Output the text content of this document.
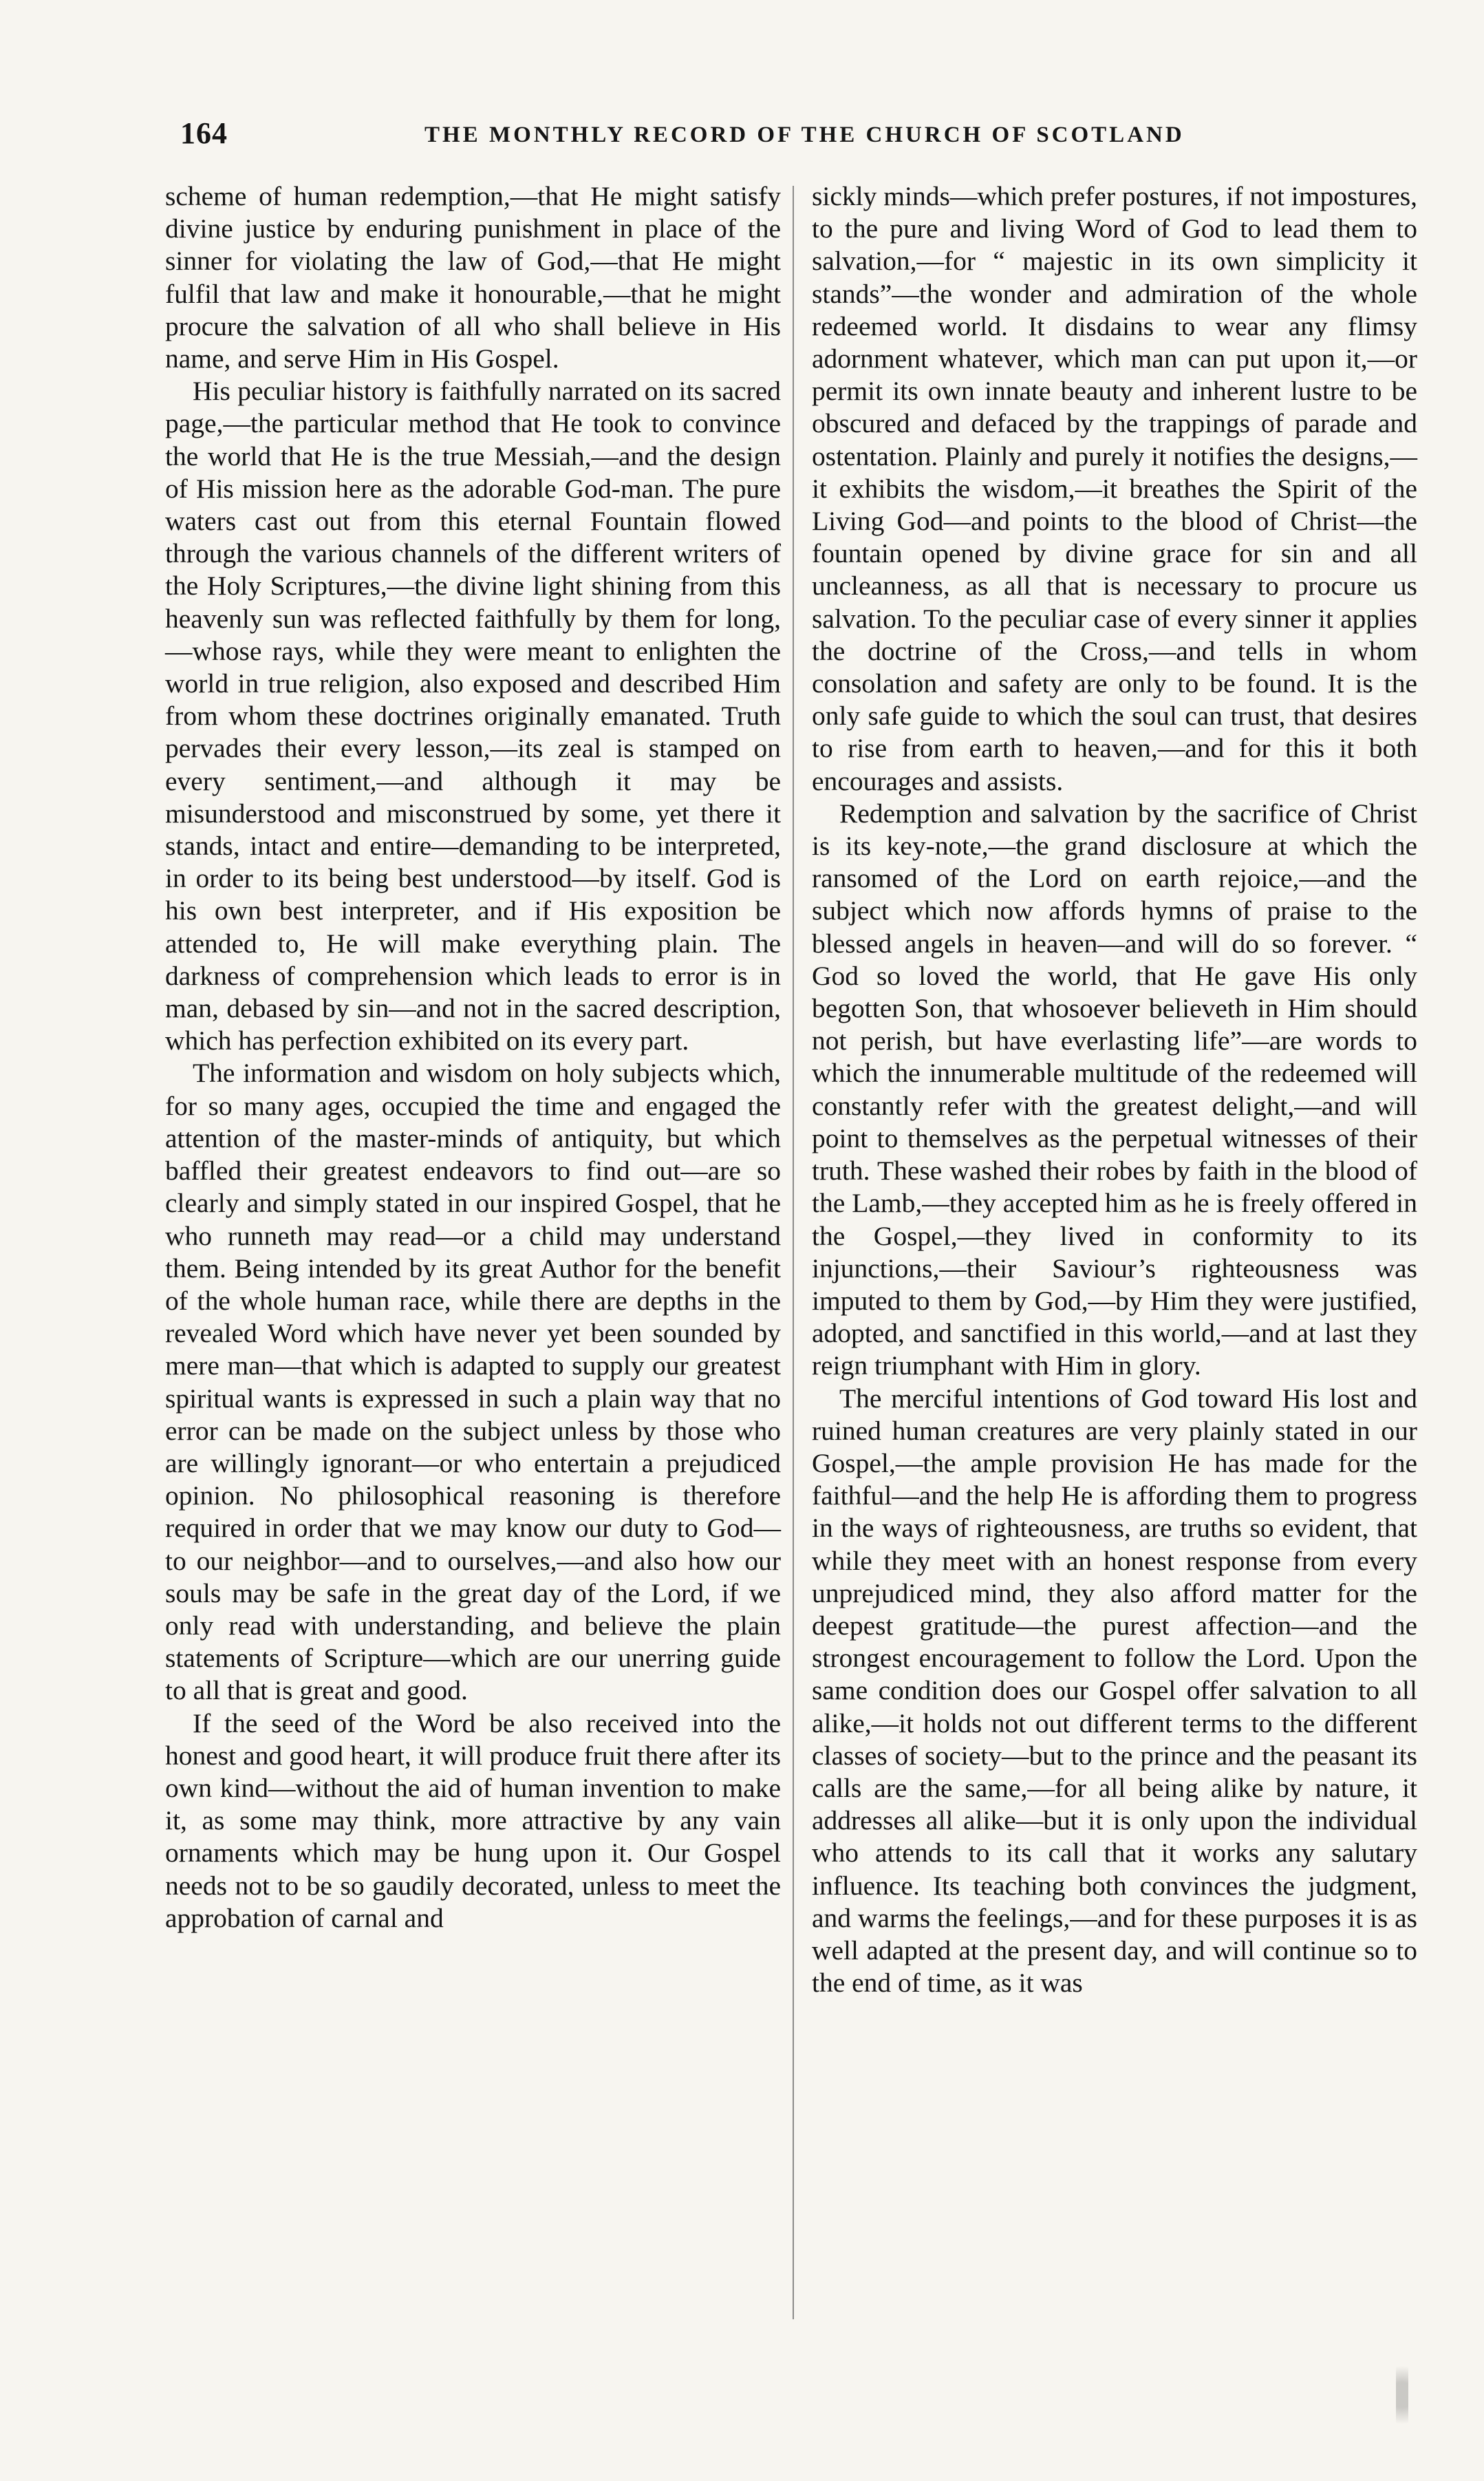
164	THE MONTHLY RECORD OF THE CHURCH OF SCOTLAND

scheme of human redemption,—that He might satisfy divine justice by enduring punishment in place of the sinner for violating the law of God,—that He might fulfil that law and make it honourable,—that he might procure the salvation of all who shall believe in His name, and serve Him in His Gospel.

His peculiar history is faithfully narrated on its sacred page,—the particular method that He took to convince the world that He is the true Messiah,—and the design of His mission here as the adorable God-man. The pure waters cast out from this eternal Fountain flowed through the various channels of the different writers of the Holy Scriptures,—the divine light shining from this heavenly sun was reflected faithfully by them for long,—whose rays, while they were meant to enlighten the world in true religion, also exposed and described Him from whom these doctrines originally emanated. Truth pervades their every lesson,—its zeal is stamped on every sentiment,—and although it may be misunderstood and misconstrued by some, yet there it stands, intact and entire—demanding to be interpreted, in order to its being best understood—by itself. God is his own best interpreter, and if His exposition be attended to, He will make everything plain. The darkness of comprehension which leads to error is in man, debased by sin—and not in the sacred description, which has perfection exhibited on its every part.

The information and wisdom on holy subjects which, for so many ages, occupied the time and engaged the attention of the master-minds of antiquity, but which baffled their greatest endeavors to find out—are so clearly and simply stated in our inspired Gospel, that he who runneth may read—or a child may understand them. Being intended by its great Author for the benefit of the whole human race, while there are depths in the revealed Word which have never yet been sounded by mere man—that which is adapted to supply our greatest spiritual wants is expressed in such a plain way that no error can be made on the subject unless by those who are willingly ignorant—or who entertain a prejudiced opinion. No philosophical reasoning is therefore required in order that we may know our duty to God—to our neighbor—and to ourselves,—and also how our souls may be safe in the great day of the Lord, if we only read with understanding, and believe the plain statements of Scripture—which are our unerring guide to all that is great and good.

If the seed of the Word be also received into the honest and good heart, it will produce fruit there after its own kind—without the aid of human invention to make it, as some may think, more attractive by any vain ornaments which may be hung upon it. Our Gospel needs not to be so gaudily decorated, unless to meet the approbation of carnal and

sickly minds—which prefer postures, if not impostures, to the pure and living Word of God to lead them to salvation,—for “ majestic in its own simplicity it stands”—the wonder and admiration of the whole redeemed world. It disdains to wear any flimsy adornment whatever, which man can put upon it,—or permit its own innate beauty and inherent lustre to be obscured and defaced by the trappings of parade and ostentation. Plainly and purely it notifies the designs,—it exhibits the wisdom,—it breathes the Spirit of the Living God—and points to the blood of Christ—the fountain opened by divine grace for sin and all uncleanness, as all that is necessary to procure us salvation. To the peculiar case of every sinner it applies the doctrine of the Cross,—and tells in whom consolation and safety are only to be found. It is the only safe guide to which the soul can trust, that desires to rise from earth to heaven,—and for this it both encourages and assists.

Redemption and salvation by the sacrifice of Christ is its key-note,—the grand disclosure at which the ransomed of the Lord on earth rejoice,—and the subject which now affords hymns of praise to the blessed angels in heaven—and will do so forever. “ God so loved the world, that He gave His only begotten Son, that whosoever believeth in Him should not perish, but have everlasting life”—are words to which the innumerable multitude of the redeemed will constantly refer with the greatest delight,—and will point to themselves as the perpetual witnesses of their truth. These washed their robes by faith in the blood of the Lamb,—they accepted him as he is freely offered in the Gospel,—they lived in conformity to its injunctions,—their Saviour’s righteousness was imputed to them by God,—by Him they were justified, adopted, and sanctified in this world,—and at last they reign triumphant with Him in glory.

The merciful intentions of God toward His lost and ruined human creatures are very plainly stated in our Gospel,—the ample provision He has made for the faithful—and the help He is affording them to progress in the ways of righteousness, are truths so evident, that while they meet with an honest response from every unprejudiced mind, they also afford matter for the deepest gratitude—the purest affection—and the strongest encouragement to follow the Lord. Upon the same condition does our Gospel offer salvation to all alike,—it holds not out different terms to the different classes of society—but to the prince and the peasant its calls are the same,—for all being alike by nature, it addresses all alike—but it is only upon the individual who attends to its call that it works any salutary influence. Its teaching both convinces the judgment, and warms the feelings,—and for these purposes it is as well adapted at the present day, and will continue so to the end of time, as it was
